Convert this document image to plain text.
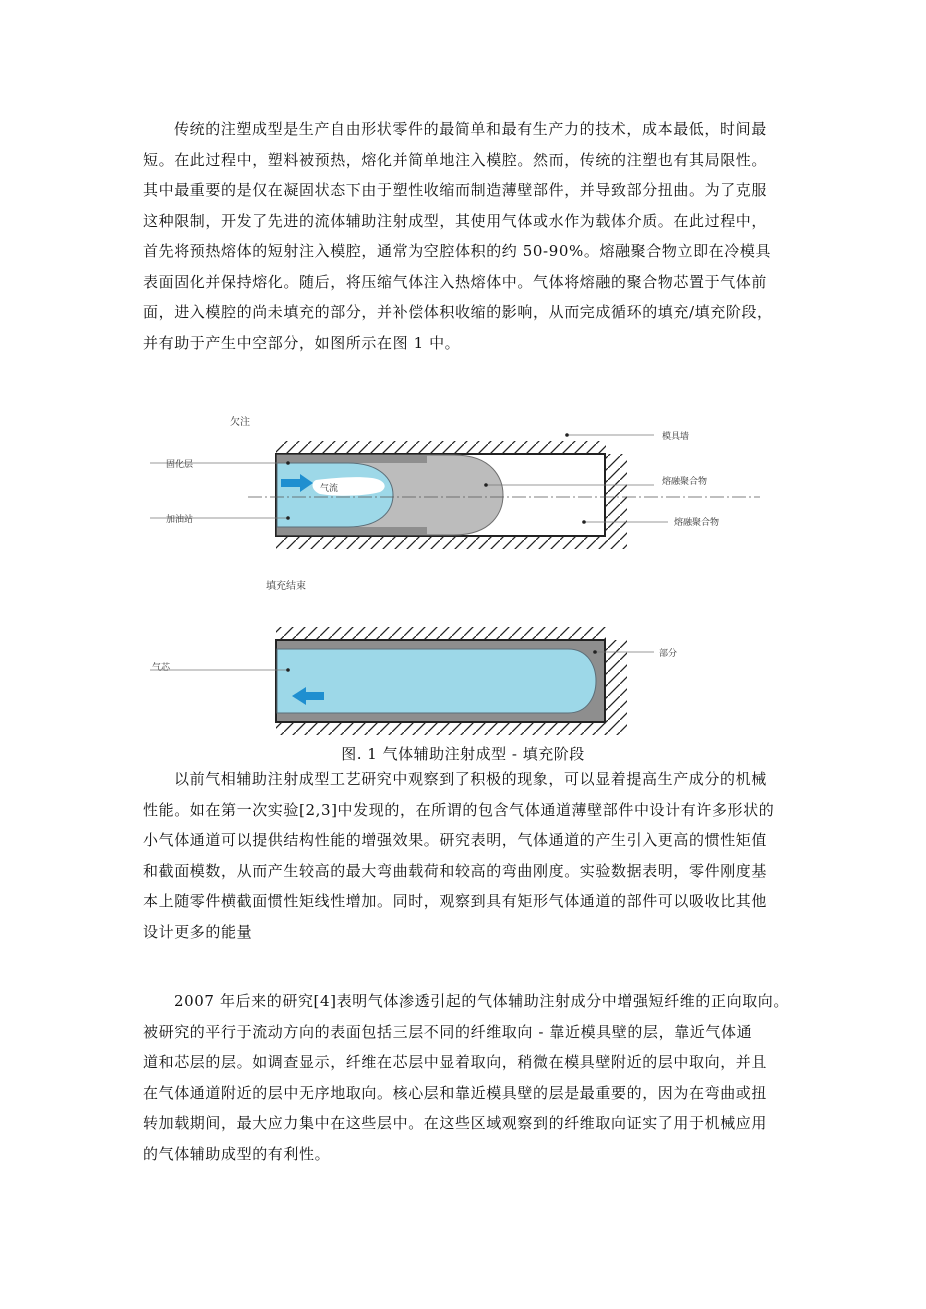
传统的注塑成型是生产自由形状零件的最简单和最有生产力的技术，成本最低，时间最
短。在此过程中，塑料被预热，熔化并简单地注入模腔。然而，传统的注塑也有其局限性。
其中最重要的是仅在凝固状态下由于塑性收缩而制造薄壁部件，并导致部分扭曲。为了克服
这种限制，开发了先进的流体辅助注射成型，其使用气体或水作为载体介质。在此过程中，
首先将预热熔体的短射注入模腔，通常为空腔体积的约 50-90%。熔融聚合物立即在冷模具
表面固化并保持熔化。随后，将压缩气体注入热熔体中。气体将熔融的聚合物芯置于气体前
面，进入模腔的尚未填充的部分，并补偿体积收缩的影响，从而完成循环的填充/填充阶段，
并有助于产生中空部分，如图所示在图 1 中。
欠注
气流
固化层
加油站
模具墙
熔融聚合物
熔融聚合物
填充结束
气芯
部分
图. 1 气体辅助注射成型 - 填充阶段
以前气相辅助注射成型工艺研究中观察到了积极的现象，可以显着提高生产成分的机械
性能。如在第一次实验[2,3]中发现的，在所谓的包含气体通道薄壁部件中设计有许多形状的
小气体通道可以提供结构性能的增强效果。研究表明，气体通道的产生引入更高的惯性矩值
和截面模数，从而产生较高的最大弯曲载荷和较高的弯曲刚度。实验数据表明，零件刚度基
本上随零件横截面惯性矩线性增加。同时，观察到具有矩形气体通道的部件可以吸收比其他
设计更多的能量
2007 年后来的研究[4]表明气体渗透引起的气体辅助注射成分中增强短纤维的正向取向。
被研究的平行于流动方向的表面包括三层不同的纤维取向 - 靠近模具壁的层，靠近气体通
道和芯层的层。如调查显示，纤维在芯层中显着取向，稍微在模具壁附近的层中取向，并且
在气体通道附近的层中无序地取向。核心层和靠近模具壁的层是最重要的，因为在弯曲或扭
转加载期间，最大应力集中在这些层中。在这些区域观察到的纤维取向证实了用于机械应用
的气体辅助成型的有利性。
